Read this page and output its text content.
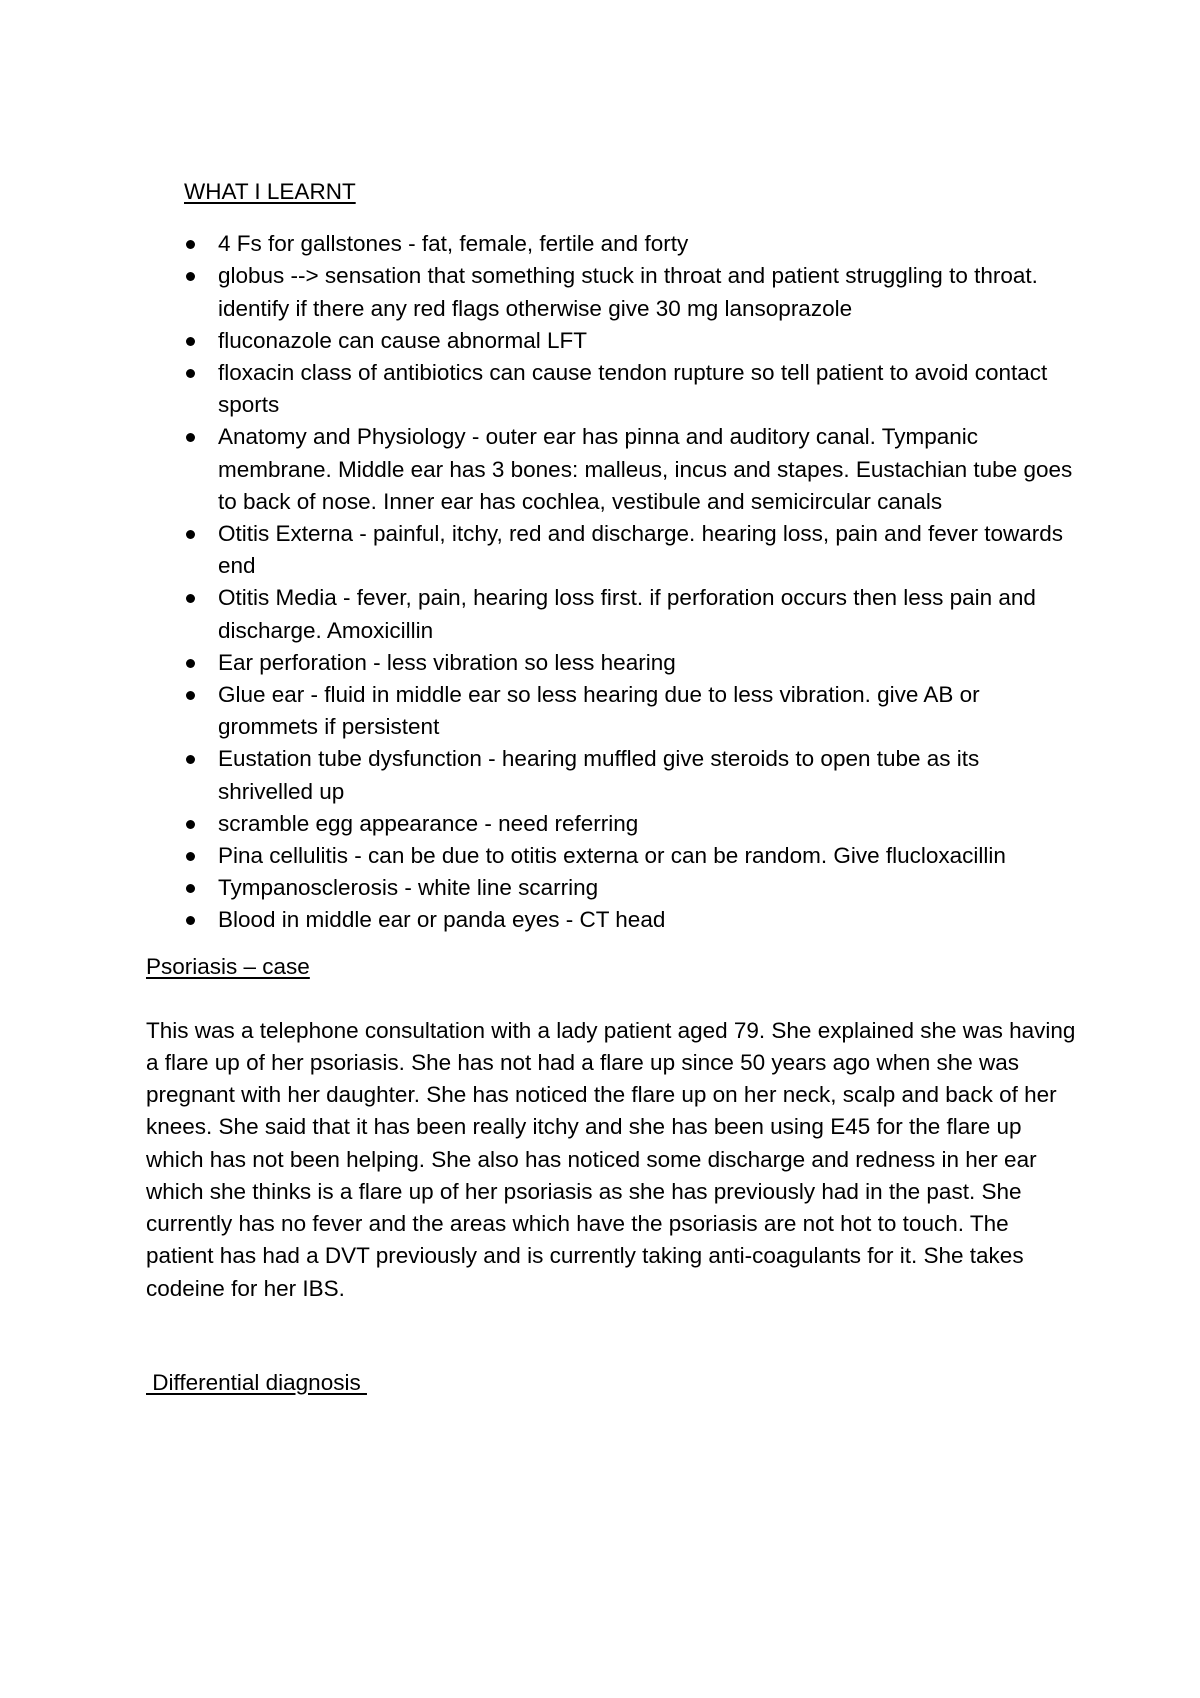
WHAT I LEARNT
4 Fs for gallstones - fat, female, fertile and forty
globus --> sensation that something stuck in throat and patient struggling to throat. identify if there any red flags otherwise give 30 mg lansoprazole
fluconazole can cause abnormal LFT
floxacin class of antibiotics can cause tendon rupture so tell patient to avoid contact sports
Anatomy and Physiology - outer ear has pinna and auditory canal. Tympanic membrane. Middle ear has 3 bones: malleus, incus and stapes. Eustachian tube goes to back of nose. Inner ear has cochlea, vestibule and semicircular canals
Otitis Externa - painful, itchy, red and discharge. hearing loss, pain and fever towards end
Otitis Media - fever, pain, hearing loss first. if perforation occurs then less pain and discharge. Amoxicillin
Ear perforation - less vibration so less hearing
Glue ear - fluid in middle ear so less hearing due to less vibration. give AB or grommets if persistent
Eustation tube dysfunction - hearing muffled give steroids to open tube as its shrivelled up
scramble egg appearance - need referring
Pina cellulitis - can be due to otitis externa or can be random. Give flucloxacillin
Tympanosclerosis - white line scarring
Blood in middle ear or panda eyes - CT head
Psoriasis – case

This was a telephone consultation with a lady patient aged 79. She explained she was having a flare up of her psoriasis. She has not had a flare up since 50 years ago when she was pregnant with her daughter. She has noticed the flare up on her neck, scalp and back of her knees. She said that it has been really itchy and she has been using E45 for the flare up which has not been helping. She also has noticed some discharge and redness in her ear which she thinks is a flare up of her psoriasis as she has previously had in the past. She currently has no fever and the areas which have the psoriasis are not hot to touch. The patient has had a DVT previously and is currently taking anti-coagulants for it. She takes codeine for her IBS.

Differential diagnosis
